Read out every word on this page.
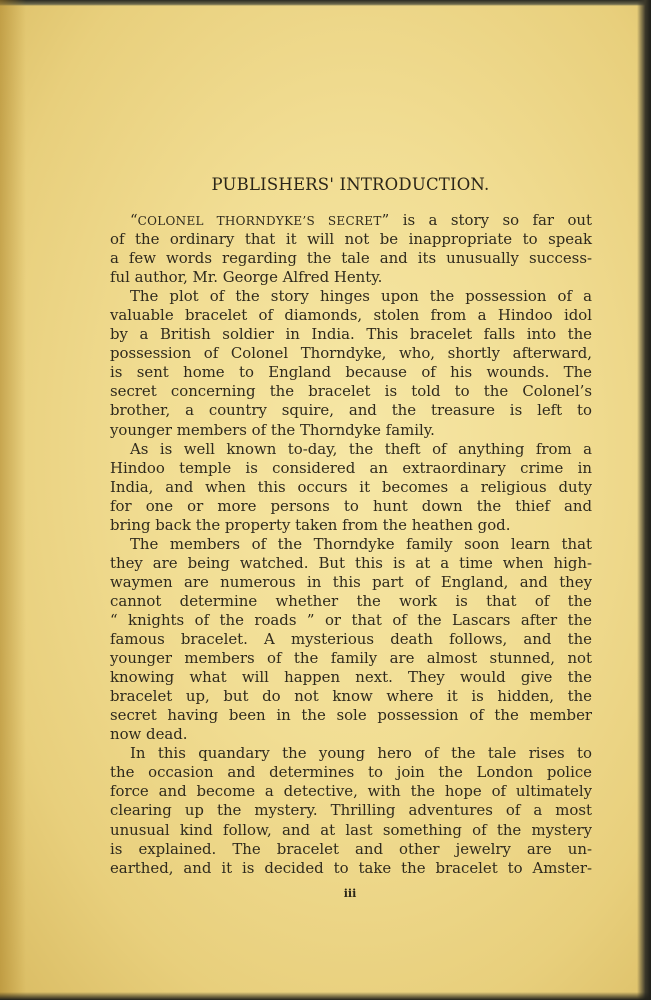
PUBLISHERS' INTRODUCTION.
“COLONEL THORNDYKE’S SECRET” is a story so far out
of the ordinary that it will not be inappropriate to speak
a few words regarding the tale and its unusually success-
ful author, Mr. George Alfred Henty.
The plot of the story hinges upon the possession of a
valuable bracelet of diamonds, stolen from a Hindoo idol
by a British soldier in India. This bracelet falls into the
possession of Colonel Thorndyke, who, shortly afterward,
is sent home to England because of his wounds. The
secret concerning the bracelet is told to the Colonel’s
brother, a country squire, and the treasure is left to
younger members of the Thorndyke family.
As is well known to-day, the theft of anything from a
Hindoo temple is considered an extraordinary crime in
India, and when this occurs it becomes a religious duty
for one or more persons to hunt down the thief and
bring back the property taken from the heathen god.
The members of the Thorndyke family soon learn that
they are being watched. But this is at a time when high-
waymen are numerous in this part of England, and they
cannot determine whether the work is that of the
“ knights of the roads ” or that of the Lascars after the
famous bracelet. A mysterious death follows, and the
younger members of the family are almost stunned, not
knowing what will happen next. They would give the
bracelet up, but do not know where it is hidden, the
secret having been in the sole possession of the member
now dead.
In this quandary the young hero of the tale rises to
the occasion and determines to join the London police
force and become a detective, with the hope of ultimately
clearing up the mystery. Thrilling adventures of a most
unusual kind follow, and at last something of the mystery
is explained. The bracelet and other jewelry are un-
earthed, and it is decided to take the bracelet to Amster-
iii
